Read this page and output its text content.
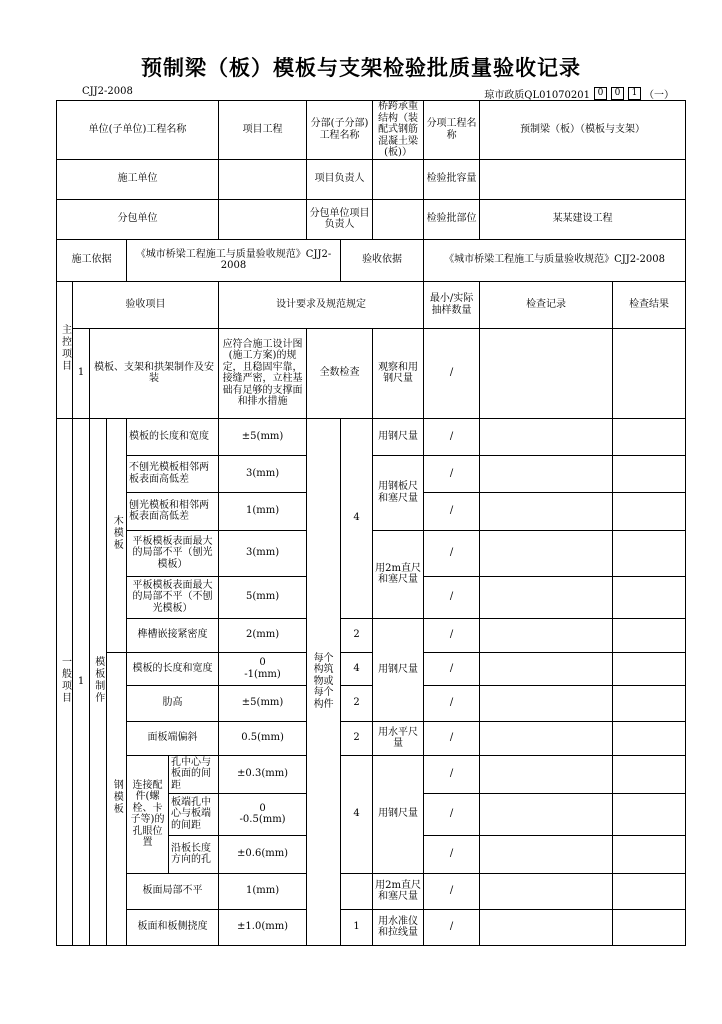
预制梁（板）模板与支架检验批质量验收记录
CJJ2-2008	琼市政质QL01070201 0	0	1 （一）
单位(子单位)工程名称						项目工程	分部(子分部)工程名称		桥跨承重结构（装配式钢筋混凝土梁(板)）	分项工程名称	预制梁（板）（模板与支架）	
施工单位							项目负责人			检验批容量		
分包单位							分包单位项目负责人			检验批部位	某某建设工程	
施工依据				《城市桥梁工程施工与质量验收规范》CJJ2-2008				验收依据		《城市桥梁工程施工与质量验收规范》CJJ2-2008		
主控项目	验收项目					设计要求及规范规定				最小/实际抽样数量	检查记录	检查结果
	1	模板、支架和拱架制作及安装				应符合施工设计图(施工方案)的规定，且稳固牢靠，接缝严密，立柱基础有足够的支撑面和排水措施	全数检查		观察和用钢尺量	/		
一般项目	1	模板制作	木模板	模板的长度和宽度		±5(mm)	每个构筑物或每个构件	4	用钢尺量	/		
				不刨光模板相邻两板表面高低差		3(mm)			用钢板尺和塞尺量	/		
				刨光模板和相邻两板表面高低差		1(mm)				/		
				平板模板表面最大的局部不平（刨光模板）		3(mm)			用2m直尺和塞尺量	/		
				平板模板表面最大的局部不平（不刨光模板）		5(mm)				/		
				榫槽嵌接紧密度		2(mm)		2	用钢尺量	/		
			钢模板	模板的长度和宽度		0
-1(mm)		4		/		
				肋高		±5(mm)		2		/		
				面板端偏斜		0.5(mm)		2	用水平尺量	/		
				连接配件(螺栓、卡子等)的孔眼位置	孔中心与板面的间距	±0.3(mm)		4	用钢尺量	/		
					板端孔中心与板端的间距	0
-0.5(mm)				/		
					沿板长度方向的孔	±0.6(mm)				/		
				板面局部不平		1(mm)			用2m直尺和塞尺量	/		
				板面和板侧挠度		±1.0(mm)		1	用水准仪和拉线量	/		
